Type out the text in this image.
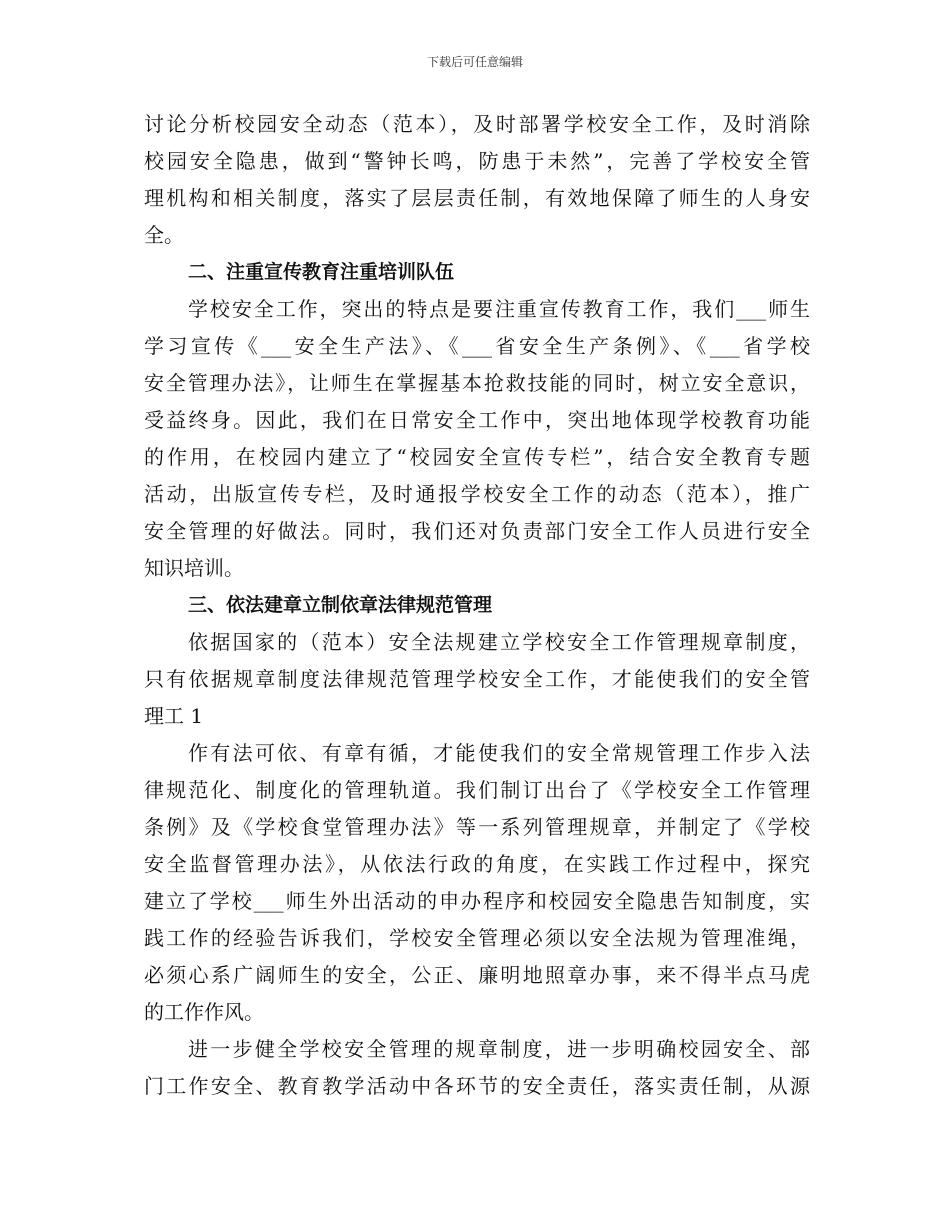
下载后可任意编辑
讨论分析校园安全动态（范本），及时部署学校安全工作，及时消除
校园安全隐患，做到“警钟长鸣，防患于未然”，完善了学校安全管
理机构和相关制度，落实了层层责任制，有效地保障了师生的人身安
全。
二、注重宣传教育注重培训队伍
学校安全工作，突出的特点是要注重宣传教育工作，我们___师生
学习宣传《___安全生产法》、《___省安全生产条例》、《___省学校
安全管理办法》，让师生在掌握基本抢救技能的同时，树立安全意识，
受益终身。因此，我们在日常安全工作中，突出地体现学校教育功能
的作用，在校园内建立了“校园安全宣传专栏”，结合安全教育专题
活动，出版宣传专栏，及时通报学校安全工作的动态（范本），推广
安全管理的好做法。同时，我们还对负责部门安全工作人员进行安全
知识培训。
三、依法建章立制依章法律规范管理
依据国家的（范本）安全法规建立学校安全工作管理规章制度，
只有依据规章制度法律规范管理学校安全工作，才能使我们的安全管
理工 1
作有法可依、有章有循，才能使我们的安全常规管理工作步入法
律规范化、制度化的管理轨道。我们制订出台了《学校安全工作管理
条例》及《学校食堂管理办法》等一系列管理规章，并制定了《学校
安全监督管理办法》，从依法行政的角度，在实践工作过程中，探究
建立了学校___师生外出活动的申办程序和校园安全隐患告知制度，实
践工作的经验告诉我们，学校安全管理必须以安全法规为管理准绳，
必须心系广阔师生的安全，公正、廉明地照章办事，来不得半点马虎
的工作作风。
进一步健全学校安全管理的规章制度，进一步明确校园安全、部
门工作安全、教育教学活动中各环节的安全责任，落实责任制，从源
